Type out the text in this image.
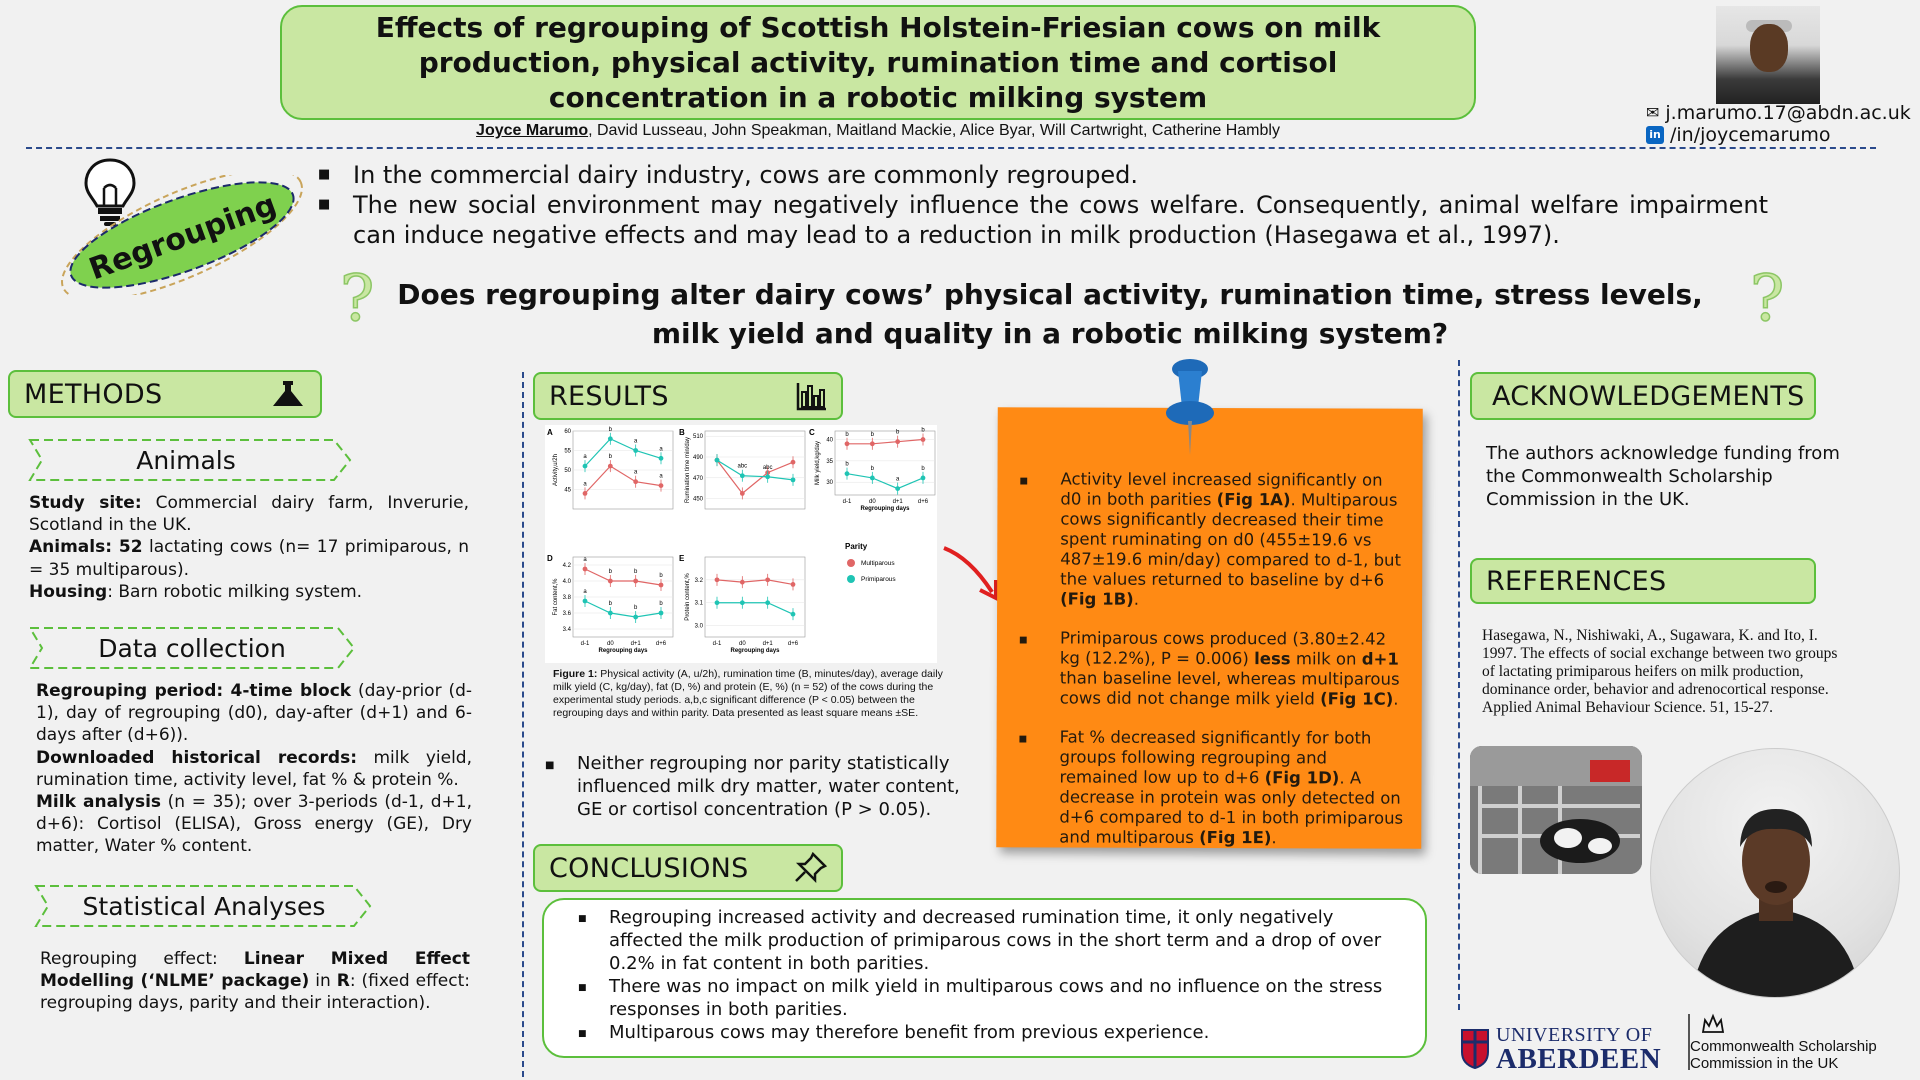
Effects of regrouping of Scottish Holstein-Friesian cows on milk production, physical activity, rumination time and cortisol concentration in a robotic milking system
Joyce Marumo, David Lusseau, John Speakman, Maitland Mackie, Alice Byar, Will Cartwright, Catherine Hambly
✉ j.marumo.17@abdn.ac.uk
in /in/joycemarumo
Regrouping
■ In the commercial dairy industry, cows are commonly regrouped.
■ The new social environment may negatively influence the cows welfare. Consequently, animal welfare impairment can induce negative effects and may lead to a reduction in milk production (Hasegawa et al., 1997).
? Does regrouping alter dairy cows’ physical activity, rumination time, stress levels, milk yield and quality in a robotic milking system?	?
METHODS
Animals
Study site: Commercial dairy farm, Inverurie, Scotland in the UK.
Animals: 52 lactating cows (n= 17 primiparous, n = 35 multiparous).
Housing: Barn robotic milking system.
Data collection
Regrouping period: 4-time block (day-prior (d-1), day of regrouping (d0), day-after (d+1) and 6-days after (d+6)).
Downloaded historical records: milk yield, rumination time, activity level, fat % & protein %.
Milk analysis (n = 35); over 3-periods (d-1, d+1, d+6): Cortisol (ELISA), Gross energy (GE), Dry matter, Water % content.
Statistical Analyses
Regrouping effect: Linear Mixed Effect Modelling (‘NLME’ package) in R: (fixed effect: regrouping days, parity and their interaction).
RESULTS
A
Activity,u/2h
60
55
50
45
a
b
a
a
a
b
a
a
B
Rumination time min/day 510
490
470
450
abc	abc
C
Milk yield,kg/day
40
35
30
d-1	d0	d+1	d+6
Regrouping days
b	b	b	b
b
b
a
b
D
Fat content,%
4.2
4.0
3.8
3.6
3.4
d-1	d0	d+1	d+6
Regrouping days
a
b	b
b
a
b
b
b
E
Protein content,% 3.2
3.1
3.0
d-1	d0	d+1	d+6
Regrouping days
Parity
Multiparous
Primiparous
Figure 1: Physical activity (A, u/2h), rumination time (B, minutes/day), average daily milk yield (C, kg/day), fat (D, %) and protein (E, %) (n = 52) of the cows during the experimental study periods. a,b,c significant difference (P < 0.05) between the regrouping days and within parity. Data presented as least square means ±SE.
■ Neither regrouping nor parity statistically influenced milk dry matter, water content, GE or cortisol concentration (P > 0.05).
■ Activity level increased significantly on d0 in both parities (Fig 1A). Multiparous cows significantly decreased their time spent ruminating on d0 (455±19.6 vs 487±19.6 min/day) compared to d-1, but the values returned to baseline by d+6 (Fig 1B).
■ Primiparous cows produced (3.80±2.42 kg (12.2%), P = 0.006) less milk on d+1 than baseline level, whereas multiparous cows did not change milk yield (Fig 1C).
■ Fat % decreased significantly for both groups following regrouping and remained low up to d+6 (Fig 1D). A decrease in protein was only detected on d+6 compared to d-1 in both primiparous and multiparous (Fig 1E).
CONCLUSIONS
■ Regrouping increased activity and decreased rumination time, it only negatively affected the milk production of primiparous cows in the short term and a drop of over 0.2% in fat content in both parities.
■ There was no impact on milk yield in multiparous cows and no influence on the stress responses in both parities.
■ Multiparous cows may therefore benefit from previous experience.
ACKNOWLEDGEMENTS
The authors acknowledge funding from the Commonwealth Scholarship Commission in the UK.
REFERENCES
Hasegawa, N., Nishiwaki, A., Sugawara, K. and Ito, I. 1997. The effects of social exchange between two groups of lactating primiparous heifers on milk production, dominance order, behavior and adrenocortical response. Applied Animal Behaviour Science. 51, 15-27.
UNIVERSITY OF
ABERDEEN Commonwealth Scholarship
Commission in the UK
